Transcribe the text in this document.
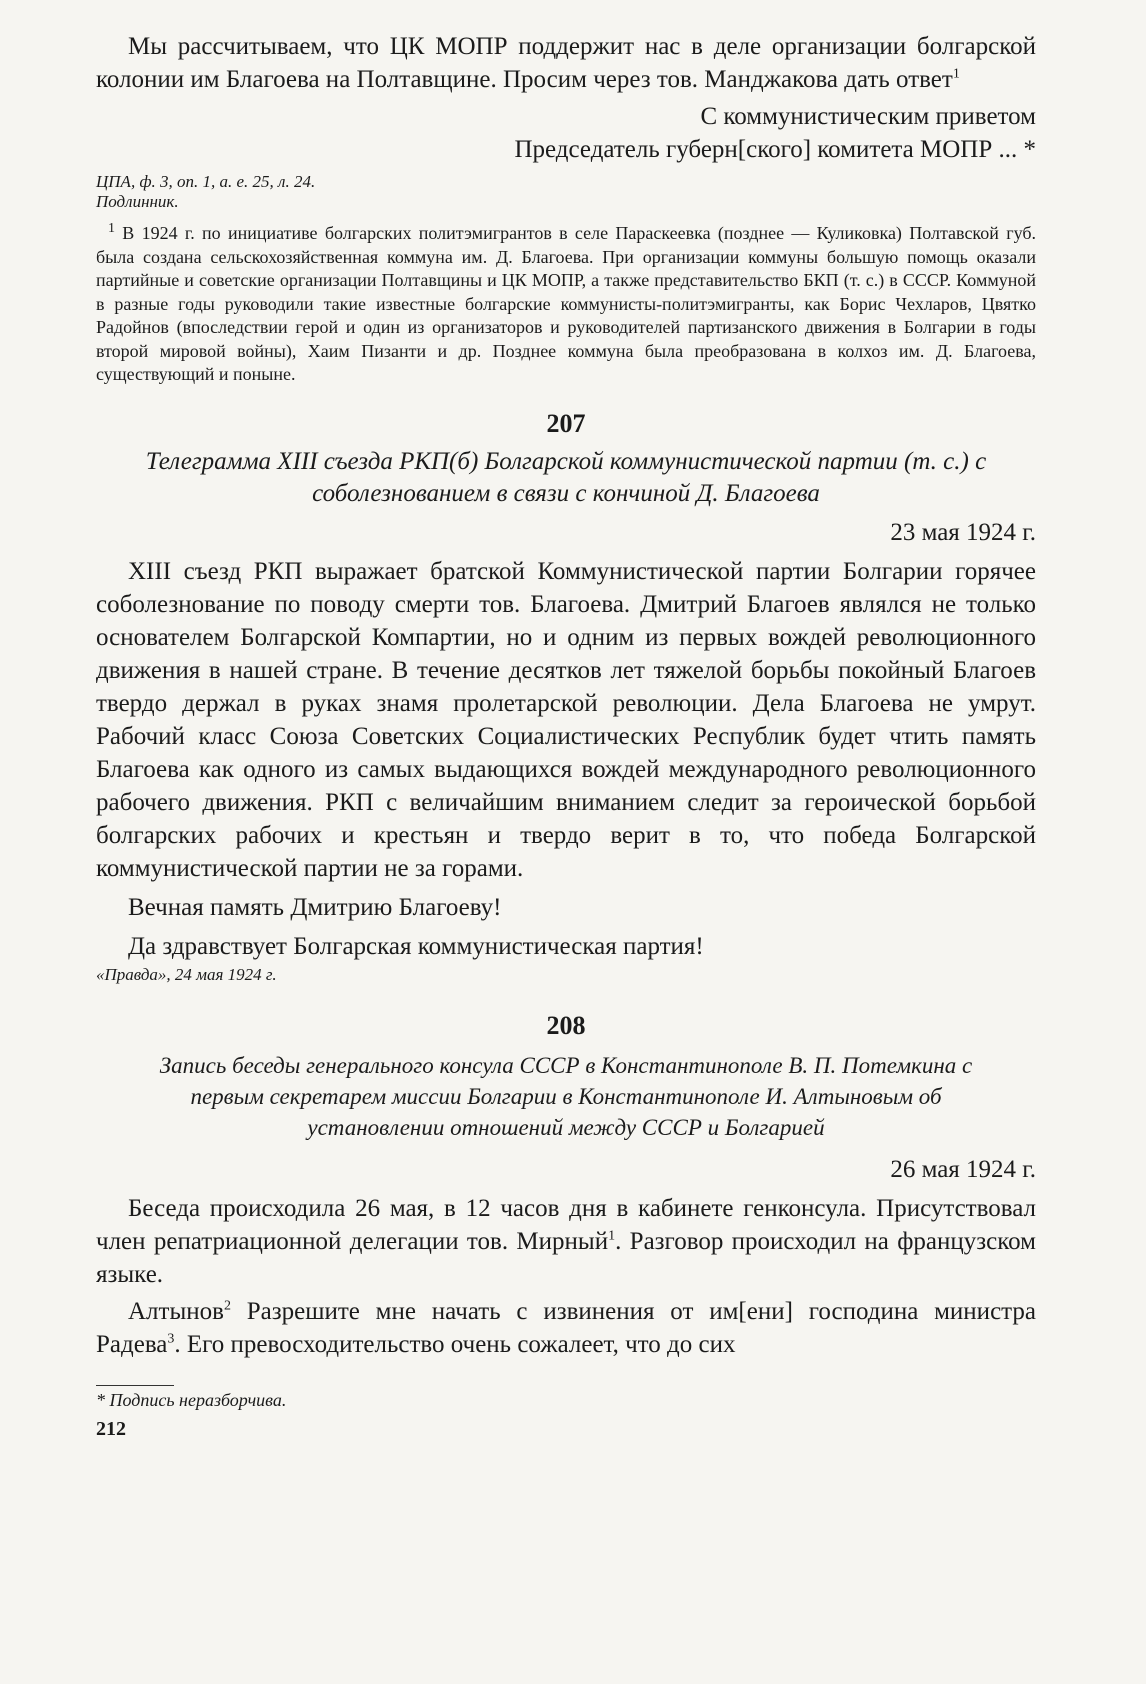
Мы рассчитываем, что ЦК МОПР поддержит нас в деле организации болгарской колонии им Благоева на Полтавщине. Просим через тов. Манджакова дать ответ$^1$

С коммунистическим приветом

Председатель губерн[ского] комитета МОПР ... *

ЦПА, ф. 3, оп. 1, а. е. 25, л. 24.

Подлинник.

$^1$ В 1924 г. по инициативе болгарских политэмигрантов в селе Параскеевка (позднее — Куликовка) Полтавской губ. была создана сельскохозяйственная коммуна им. Д. Благоева. При организации коммуны большую помощь оказали партийные и советские организации Полтавщины и ЦК МОПР, а также представительство БКП (т. с.) в СССР. Коммуной в разные годы руководили такие известные болгарские коммунисты-политэмигранты, как Борис Чехларов, Цвятко Радойнов (впоследствии герой и один из организаторов и руководителей партизанского движения в Болгарии в годы второй мировой войны), Хаим Пизанти и др. Позднее коммуна была преобразована в колхоз им. Д. Благоева, существующий и поныне.

207

Телеграмма XIII съезда РКП(б) Болгарской коммунистической партии (т. с.) с соболезнованием в связи с кончиной Д. Благоева

23 мая 1924 г.

XIII съезд РКП выражает братской Коммунистической партии Болгарии горячее соболезнование по поводу смерти тов. Благоева. Дмитрий Благоев являлся не только основателем Болгарской Компартии, но и одним из первых вождей революционного движения в нашей стране. В течение десятков лет тяжелой борьбы покойный Благоев твердо держал в руках знамя пролетарской революции. Дела Благоева не умрут. Рабочий класс Союза Советских Социалистических Республик будет чтить память Благоева как одного из самых выдающихся вождей международного революционного рабочего движения. РКП с величайшим вниманием следит за героической борьбой болгарских рабочих и крестьян и твердо верит в то, что победа Болгарской коммунистической партии не за горами.

Вечная память Дмитрию Благоеву!

Да здравствует Болгарская коммунистическая партия!

«Правда», 24 мая 1924 г.

208

Запись беседы генерального консула СССР в Константинополе В. П. Потемкина с первым секретарем миссии Болгарии в Константинополе И. Алтыновым об установлении отношений между СССР и Болгарией

26 мая 1924 г.

Беседа происходила 26 мая, в 12 часов дня в кабинете генконсула. Присутствовал член репатриационной делегации тов. Мирный$^1$. Разговор происходил на французском языке.

Алтынов$^2$ Разрешите мне начать с извинения от им[ени] господина министра Радева$^3$. Его превосходительство очень сожалеет, что до сих

* Подпись неразборчива.

212
